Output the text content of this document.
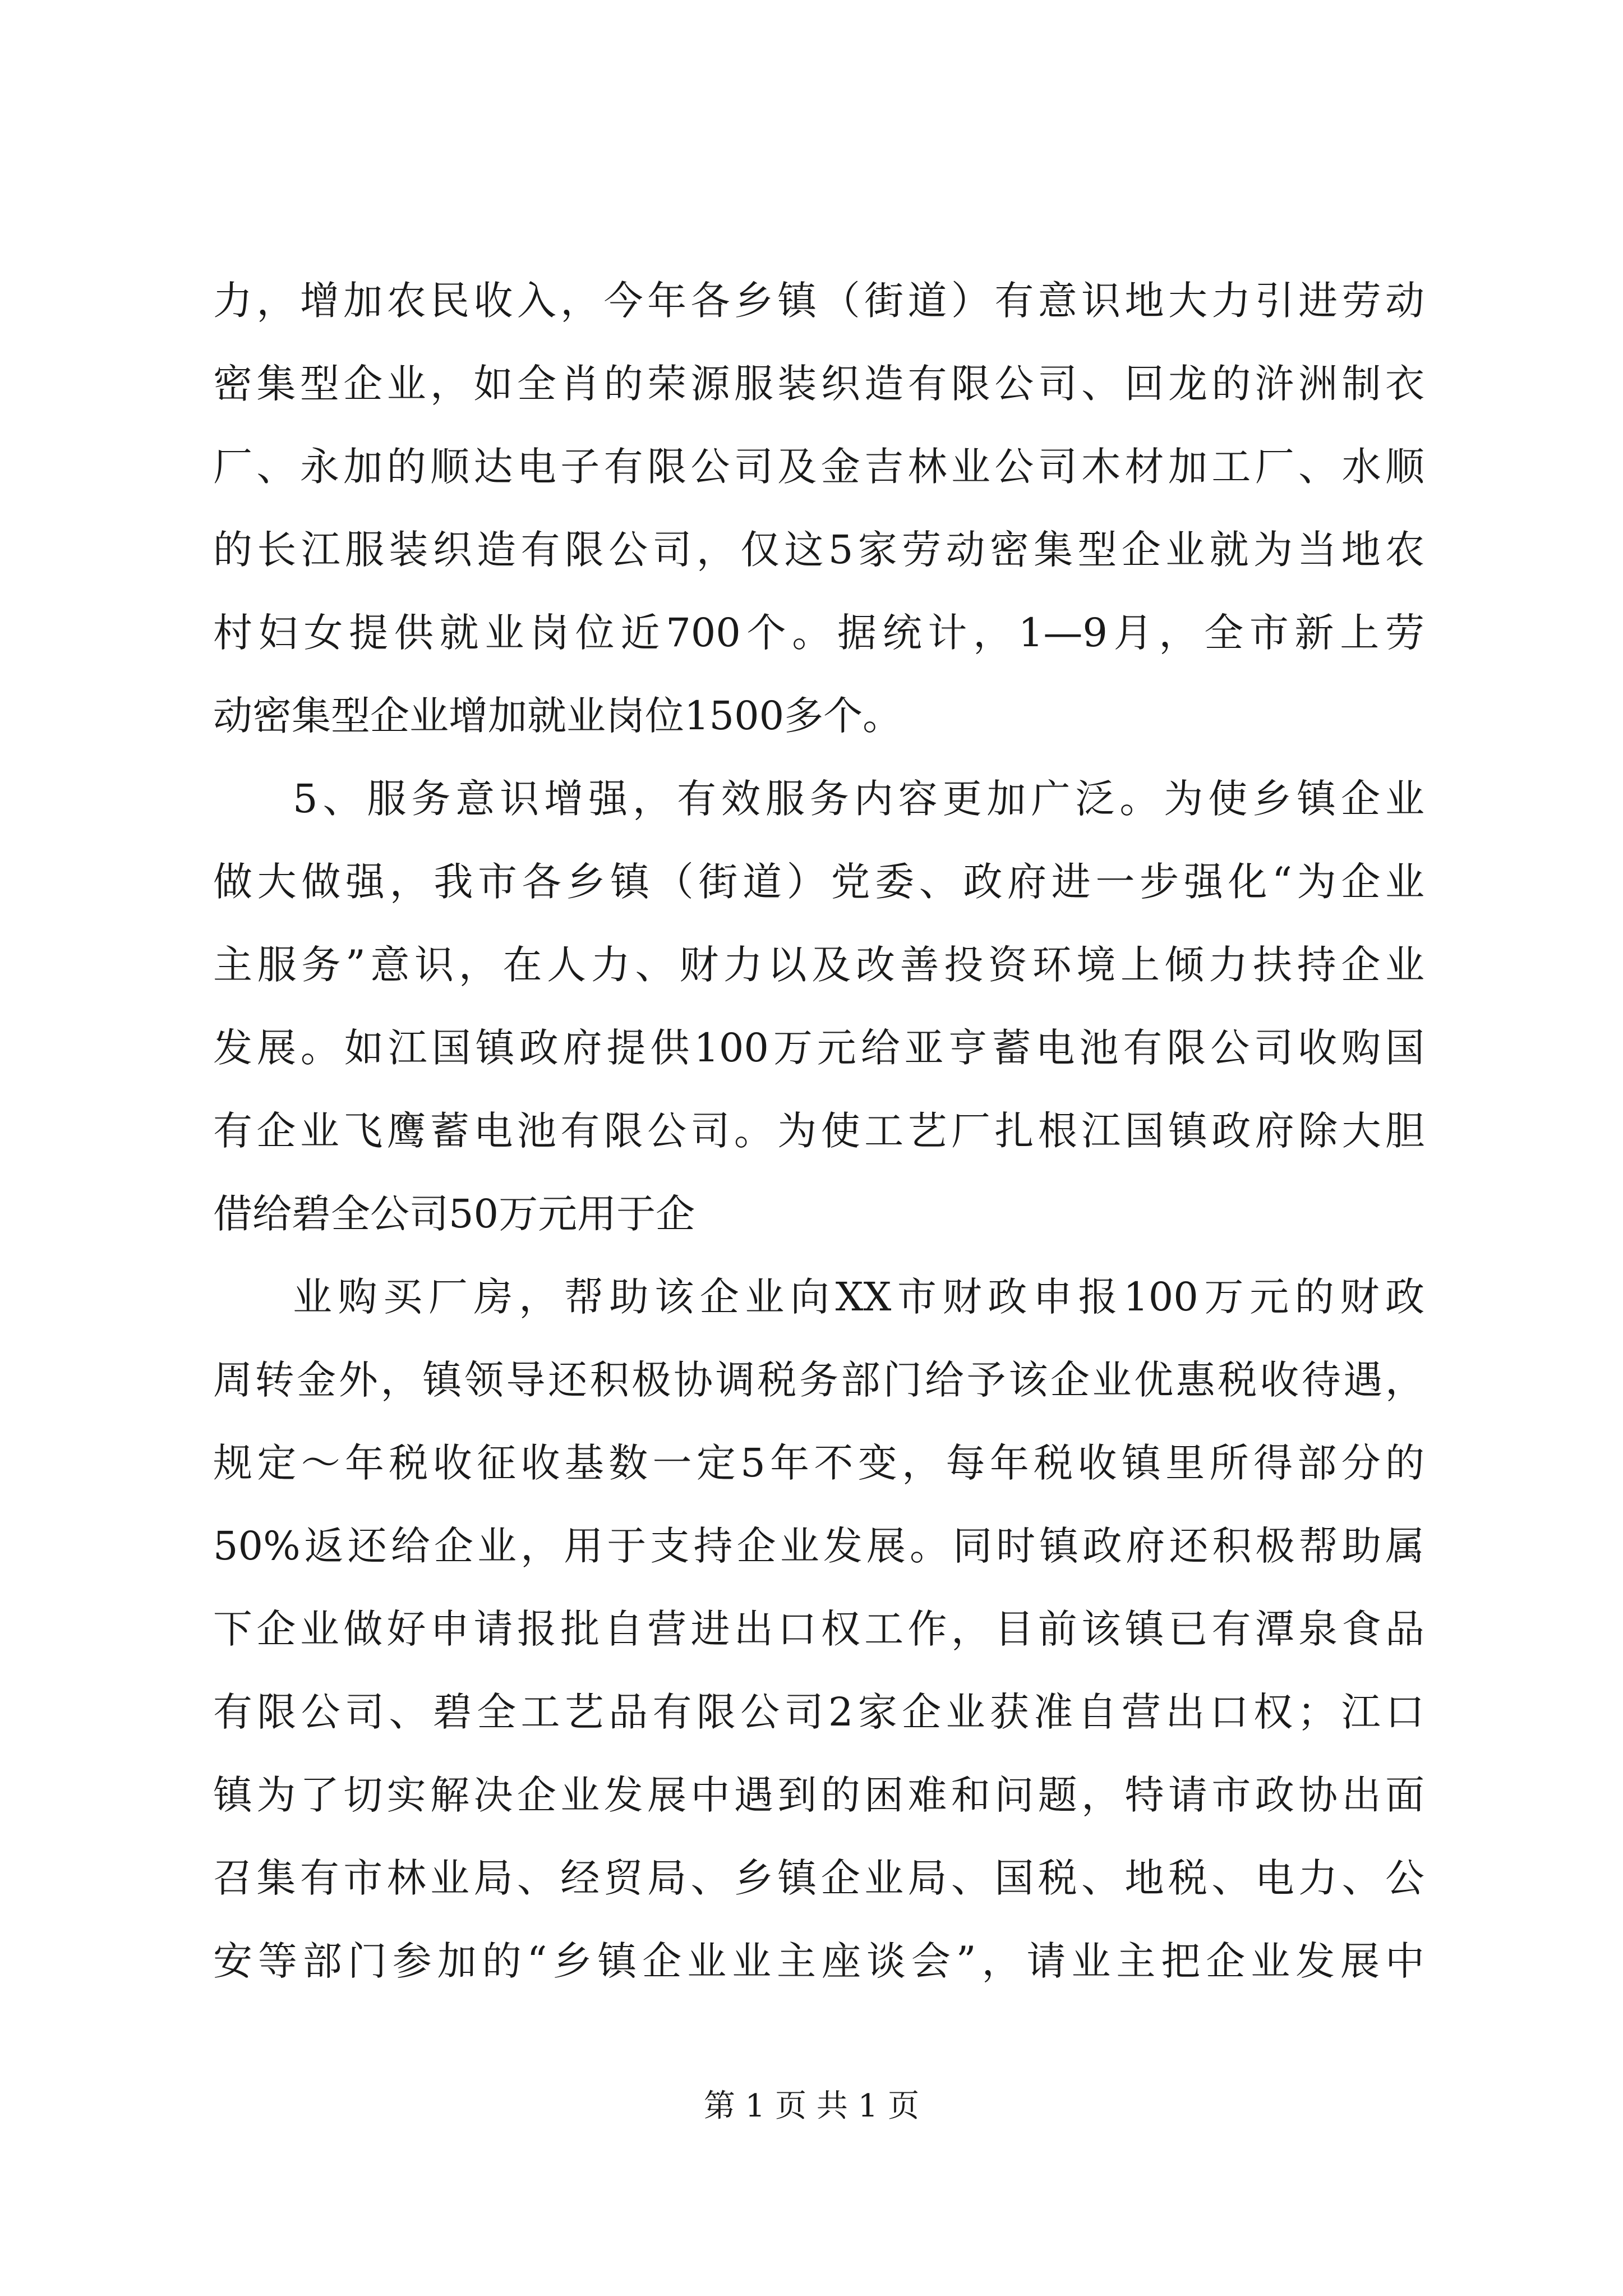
力，增加农民收入，今年各乡镇（街道）有意识地大力引进劳动
密集型企业，如全肖的荣源服装织造有限公司、回龙的浒洲制衣
厂、永加的顺达电子有限公司及金吉林业公司木材加工厂、水顺
的长江服装织造有限公司，仅这5家劳动密集型企业就为当地农
村妇女提供就业岗位近700个。据统计，1—9月，全市新上劳
动密集型企业增加就业岗位1500多个。
5、服务意识增强，有效服务内容更加广泛。为使乡镇企业
做大做强，我市各乡镇（街道）党委、政府进一步强化“为企业
主服务”意识，在人力、财力以及改善投资环境上倾力扶持企业
发展。如江国镇政府提供100万元给亚亨蓄电池有限公司收购国
有企业飞鹰蓄电池有限公司。为使工艺厂扎根江国镇政府除大胆
借给碧全公司50万元用于企
业购买厂房，帮助该企业向XX市财政申报100万元的财政
周转金外，镇领导还积极协调税务部门给予该企业优惠税收待遇，
规定～年税收征收基数一定5年不变，每年税收镇里所得部分的
50%返还给企业，用于支持企业发展。同时镇政府还积极帮助属
下企业做好申请报批自营进出口权工作，目前该镇已有潭泉食品
有限公司、碧全工艺品有限公司2家企业获准自营出口权；江口
镇为了切实解决企业发展中遇到的困难和问题，特请市政协出面
召集有市林业局、经贸局、乡镇企业局、国税、地税、电力、公
安等部门参加的“乡镇企业业主座谈会”，请业主把企业发展中
第 1 页 共 1 页
